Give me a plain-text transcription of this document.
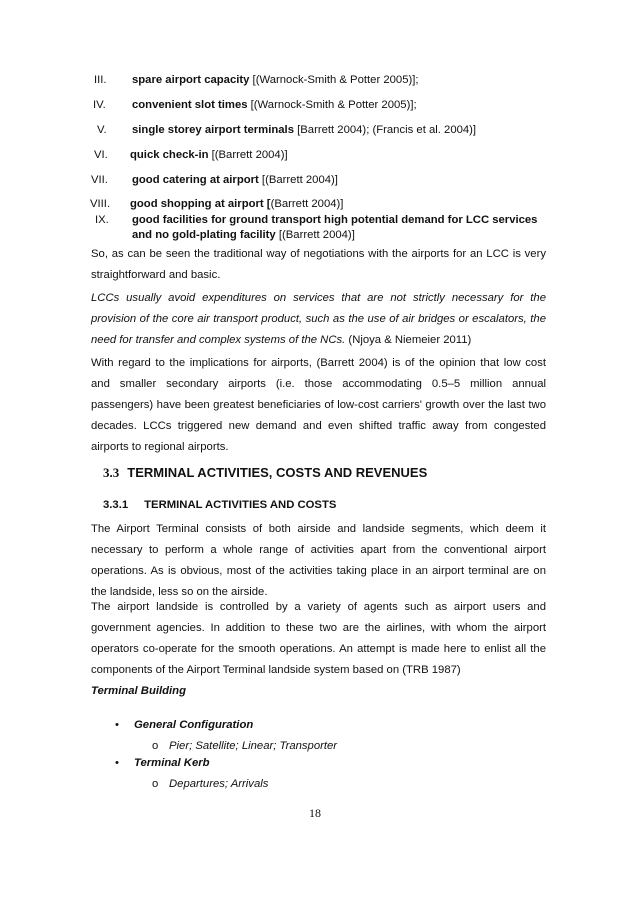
III.	spare airport capacity [(Warnock-Smith & Potter 2005)];
IV.	convenient slot times [(Warnock-Smith & Potter 2005)];
V.	single storey airport terminals [Barrett 2004); (Francis et al. 2004)]
VI.	quick check-in [(Barrett 2004)]
VII.	good catering at airport [(Barrett 2004)]
VIII.	good shopping at airport [(Barrett 2004)]
IX.	good facilities for ground transport high potential demand for LCC services and no gold-plating facility [(Barrett 2004)]

So, as can be seen the traditional way of negotiations with the airports for an LCC is very straightforward and basic.

LCCs usually avoid expenditures on services that are not strictly necessary for the provision of the core air transport product, such as the use of air bridges or escalators, the need for transfer and complex systems of the NCs. (Njoya & Niemeier 2011)

With regard to the implications for airports, (Barrett 2004) is of the opinion that low cost and smaller secondary airports (i.e. those accommodating 0.5–5 million annual passengers) have been greatest beneficiaries of low-cost carriers' growth over the last two decades. LCCs triggered new demand and even shifted traffic away from congested airports to regional airports.

3.3 TERMINAL ACTIVITIES, COSTS AND REVENUES
3.3.1 TERMINAL ACTIVITIES AND COSTS

The Airport Terminal consists of both airside and landside segments, which deem it necessary to perform a whole range of activities apart from the conventional airport operations. As is obvious, most of the activities taking place in an airport terminal are on the landside, less so on the airside.

The airport landside is controlled by a variety of agents such as airport users and government agencies. In addition to these two are the airlines, with whom the airport operators co-operate for the smooth operations. An attempt is made here to enlist all the components of the Airport Terminal landside system based on (TRB 1987)

Terminal Building
• General Configuration
o Pier; Satellite; Linear; Transporter
• Terminal Kerb
o Departures; Arrivals
18
